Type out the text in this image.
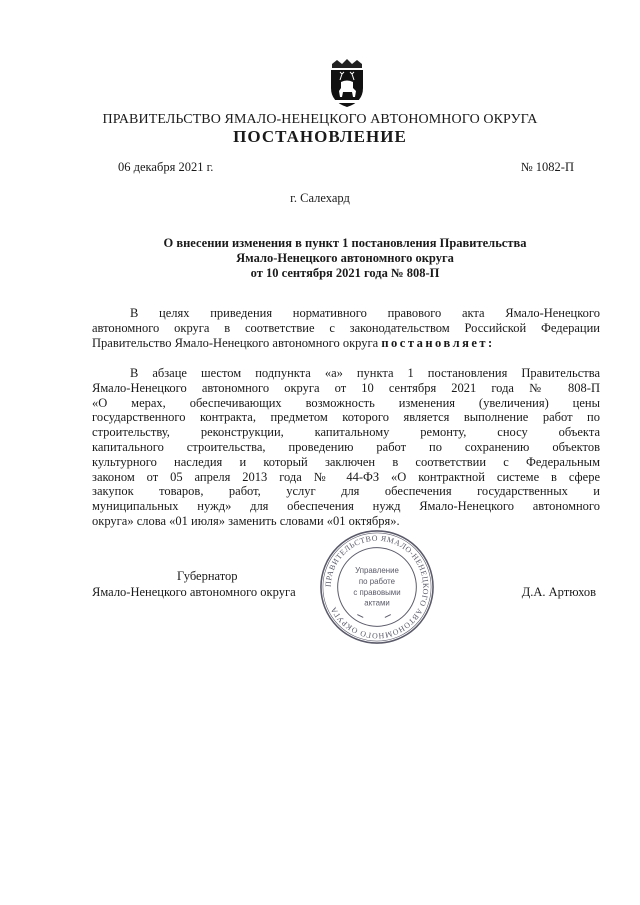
ПРАВИТЕЛЬСТВО ЯМАЛО-НЕНЕЦКОГО АВТОНОМНОГО ОКРУГА
ПОСТАНОВЛЕНИЕ
06 декабря 2021 г.	№ 1082-П
г. Салехард
О внесении изменения в пункт 1 постановления Правительства
Ямало-Ненецкого автономного округа
от 10 сентября 2021 года № 808-П
В целях приведения нормативного правового акта Ямало-Ненецкого
автономного округа в соответствие с законодательством Российской Федерации
Правительство Ямало-Ненецкого автономного округа постановляет:
В абзаце шестом подпункта «а» пункта 1 постановления Правительства
Ямало-Ненецкого автономного округа от 10 сентября 2021 года № 808-П
«О мерах, обеспечивающих возможность изменения (увеличения) цены
государственного контракта, предметом которого является выполнение работ по
строительству, реконструкции, капитальному ремонту, сносу объекта
капитального строительства, проведению работ по сохранению объектов
культурного наследия и который заключен в соответствии с Федеральным
законом от 05 апреля 2013 года № 44-ФЗ «О контрактной системе в сфере
закупок товаров, работ, услуг для обеспечения государственных и
муниципальных нужд» для обеспечения нужд Ямало-Ненецкого автономного
округа» слова «01 июля» заменить словами «01 октября».
Губернатор
Ямало-Ненецкого автономного округа	Д.А. Артюхов
ПРАВИТЕЛЬСТВО ЯМАЛО-НЕНЕЦКОГО АВТОНОМНОГО ОКРУГА
Управление
по работе
с правовыми
актами
